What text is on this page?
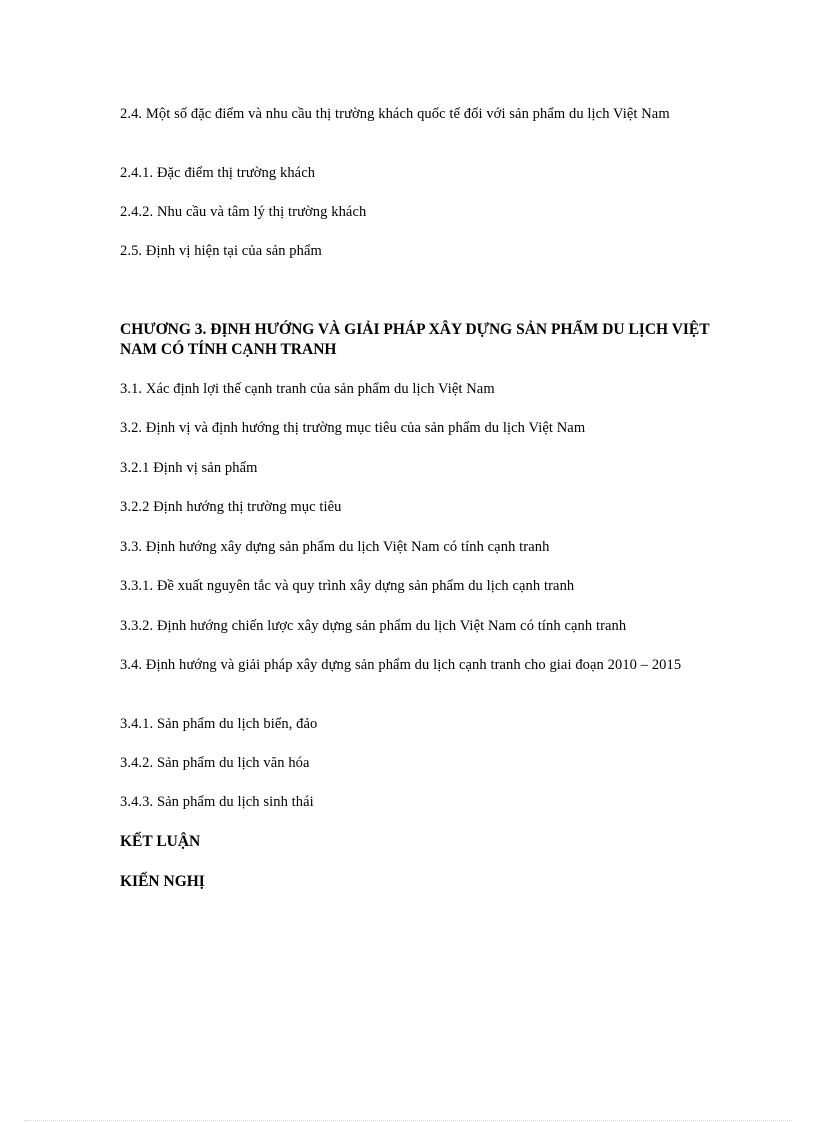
2.4. Một số đặc điểm và nhu cầu thị trường khách quốc tế đối với sản phẩm du lịch Việt Nam

2.4.1. Đặc điểm thị trường khách

2.4.2. Nhu cầu và tâm lý thị trường khách

2.5. Định vị hiện tại của sản phẩm

CHƯƠNG 3. ĐỊNH HƯỚNG VÀ GIẢI PHÁP XÂY DỰNG SẢN PHẨM DU LỊCH VIỆT NAM CÓ TÍNH CẠNH TRANH

3.1. Xác định lợi thế cạnh tranh của sản phẩm du lịch Việt Nam

3.2. Định vị và định hướng thị trường mục tiêu của sản phẩm du lịch Việt Nam

3.2.1 Định vị sản phẩm

3.2.2 Định hướng thị trường mục tiêu

3.3. Định hướng xây dựng sản phẩm du lịch Việt Nam có tính cạnh tranh

3.3.1. Đề xuất nguyên tắc và quy trình xây dựng sản phẩm du lịch cạnh tranh

3.3.2. Định hướng chiến lược xây dựng sản phẩm du lịch Việt Nam có tính cạnh tranh

3.4. Định hướng và giải pháp xây dựng sản phẩm du lịch cạnh tranh cho giai đoạn 2010 – 2015

3.4.1. Sản phẩm du lịch biển, đảo

3.4.2. Sản phẩm du lịch văn hóa

3.4.3. Sản phẩm du lịch sinh thái

KẾT LUẬN

KIẾN NGHỊ
